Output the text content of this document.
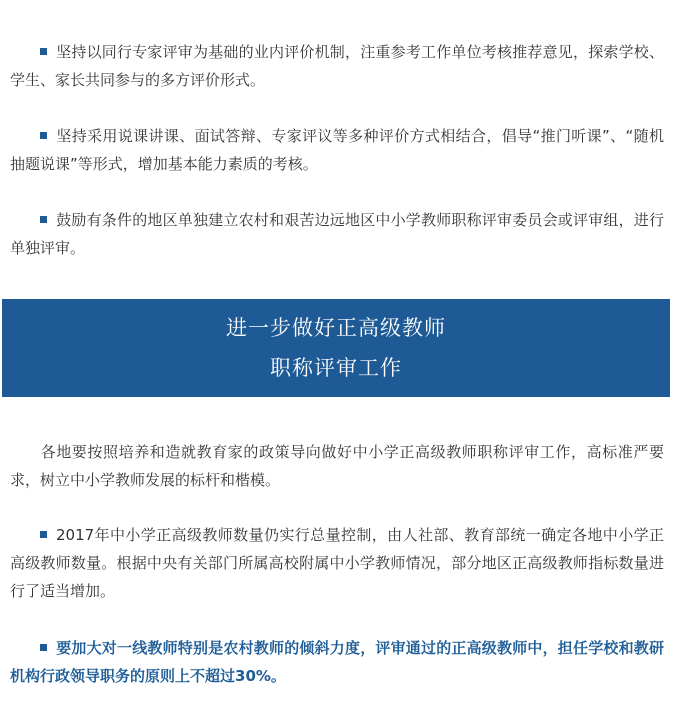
坚持以同行专家评审为基础的业内评价机制，注重参考工作单位考核推荐意见，探索学校、学生、家长共同参与的多方评价形式。

坚持采用说课讲课、面试答辩、专家评议等多种评价方式相结合，倡导“推门听课”、“随机抽题说课”等形式，增加基本能力素质的考核。

鼓励有条件的地区单独建立农村和艰苦边远地区中小学教师职称评审委员会或评审组，进行单独评审。

进一步做好正高级教师
职称评审工作

各地要按照培养和造就教育家的政策导向做好中小学正高级教师职称评审工作，高标准严要求，树立中小学教师发展的标杆和楷模。

2017年中小学正高级教师数量仍实行总量控制，由人社部、教育部统一确定各地中小学正高级教师数量。根据中央有关部门所属高校附属中小学教师情况，部分地区正高级教师指标数量进行了适当增加。

要加大对一线教师特别是农村教师的倾斜力度，评审通过的正高级教师中，担任学校和教研机构行政领导职务的原则上不超过30%。
